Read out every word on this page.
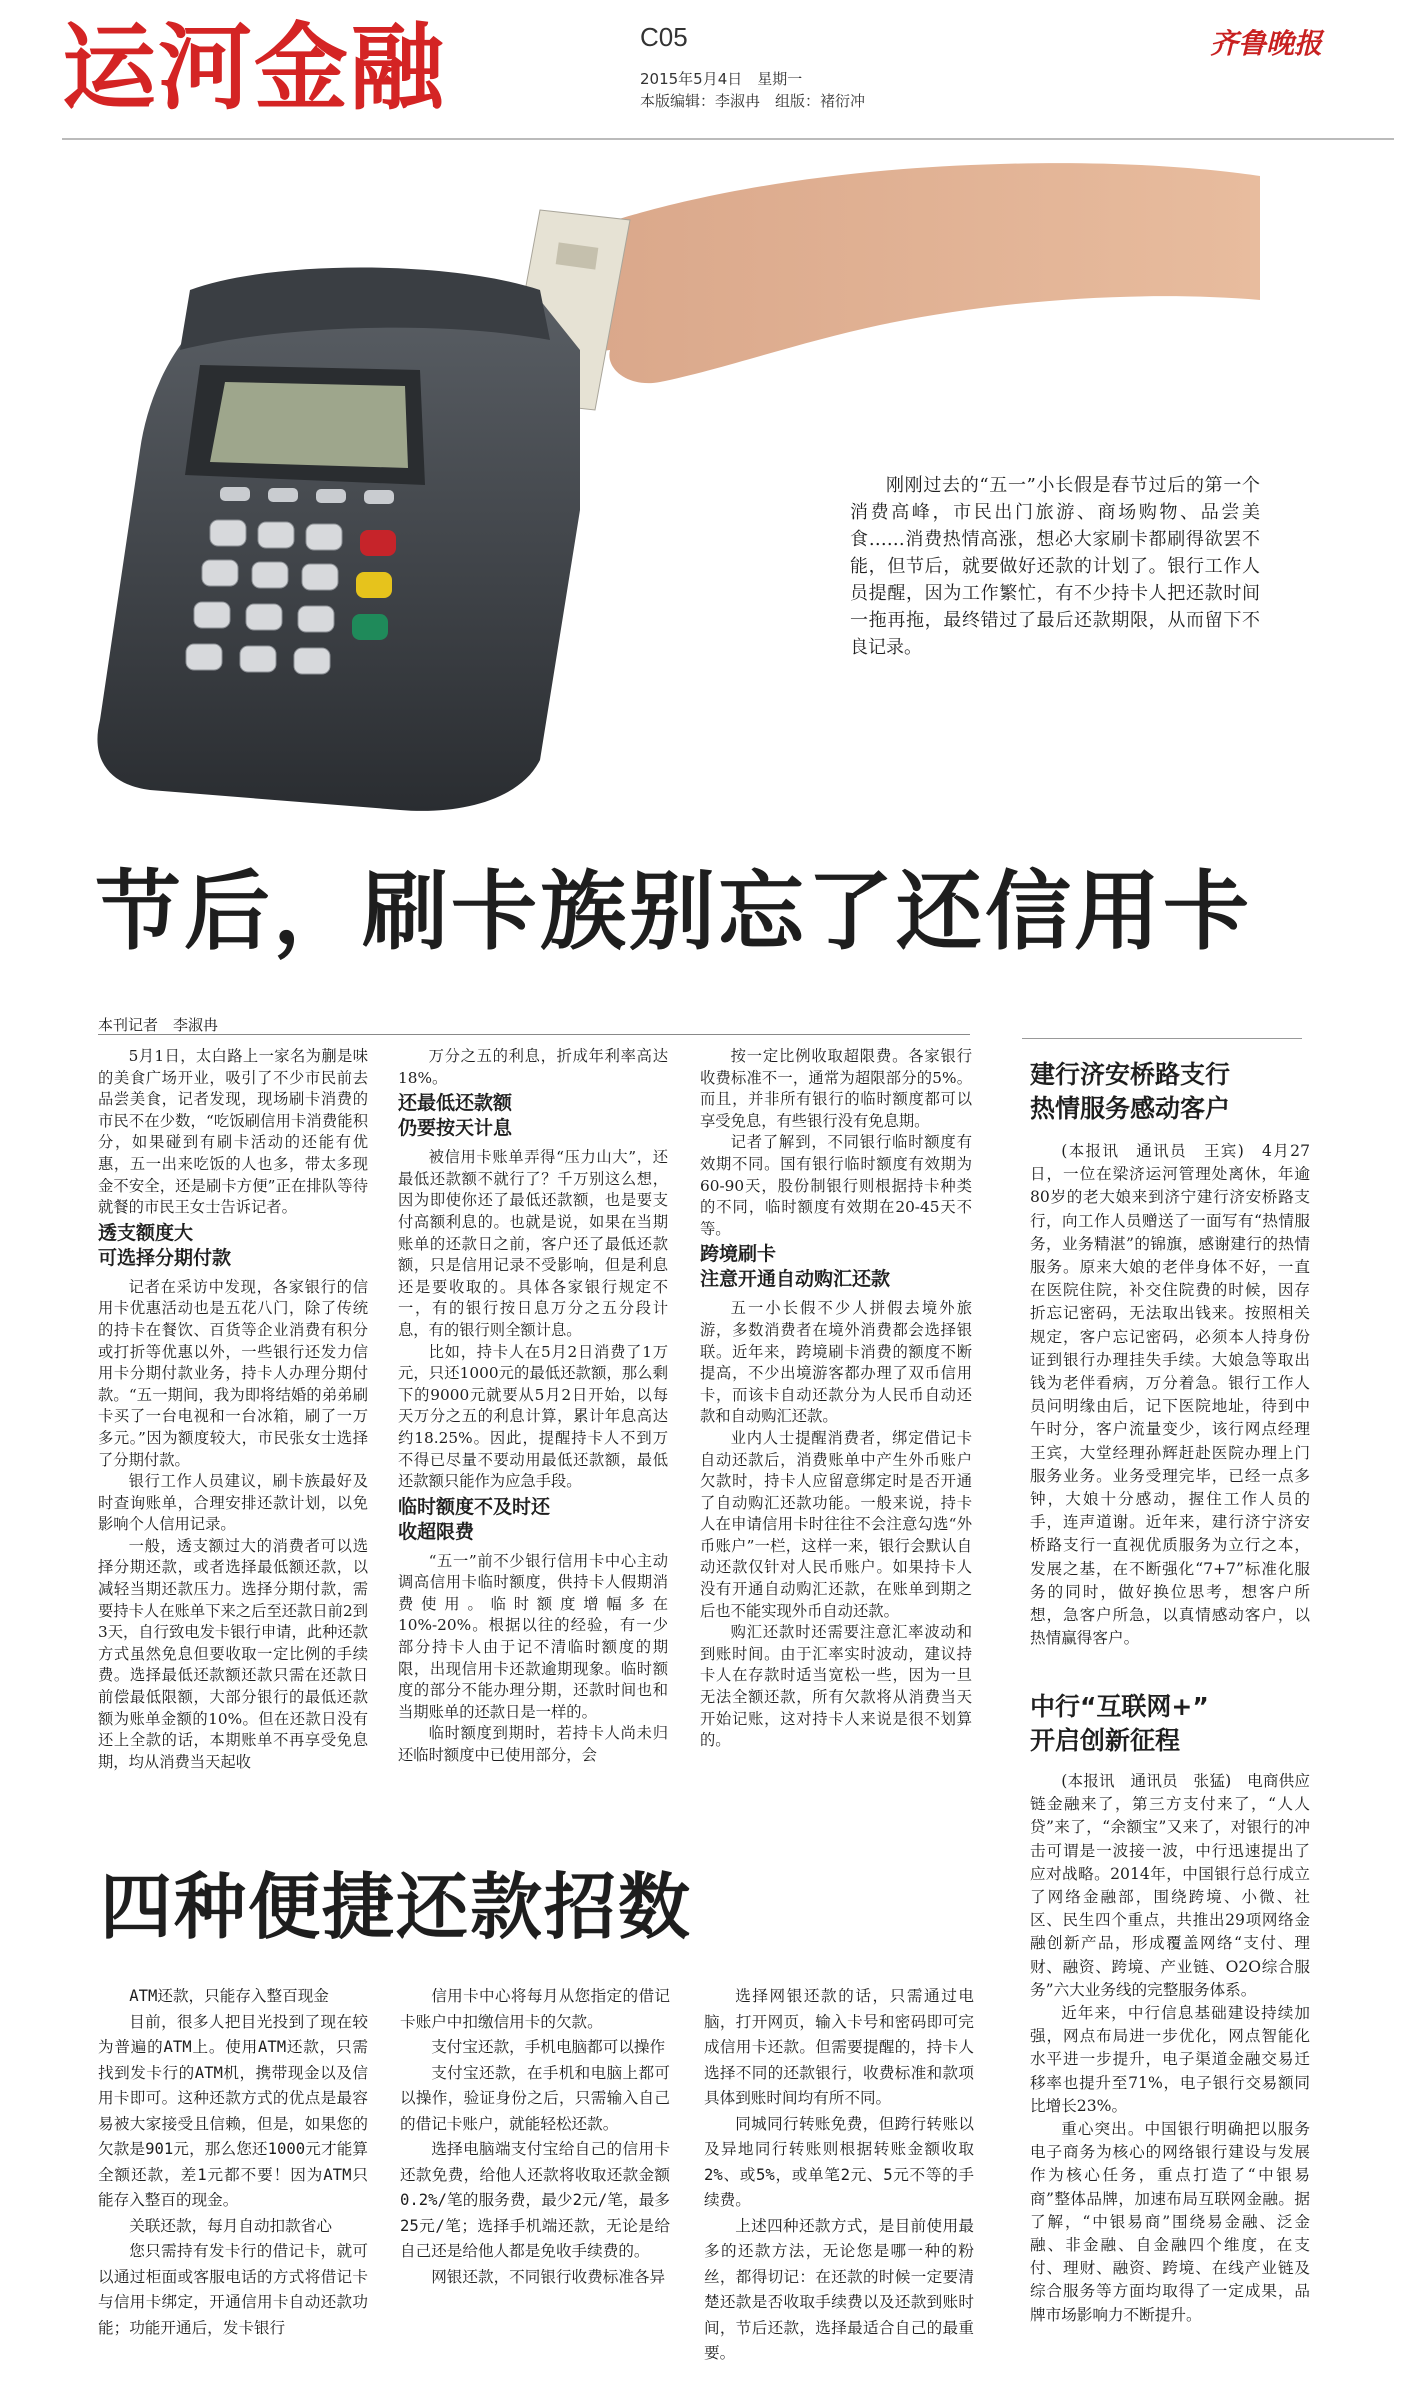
运河金融	C05
2015年5月4日　星期一
本版编辑：李淑冉　组版：褚衍冲
齐鲁晚报

刚刚过去的“五一”小长假是春节过后的第一个消费高峰，市民出门旅游、商场购物、品尝美食……消费热情高涨，想必大家刷卡都刷得欲罢不能，但节后，就要做好还款的计划了。银行工作人员提醒，因为工作繁忙，有不少持卡人把还款时间一拖再拖，最终错过了最后还款期限，从而留下不良记录。

节后，刷卡族别忘了还信用卡
本刊记者　李淑冉

5月1日，太白路上一家名为蒯是味的美食广场开业，吸引了不少市民前去品尝美食，记者发现，现场刷卡消费的市民不在少数，“吃饭刷信用卡消费能积分，如果碰到有刷卡活动的还能有优惠，五一出来吃饭的人也多，带太多现金不安全，还是刷卡方便”正在排队等待就餐的市民王女士告诉记者。

透支额度大
可选择分期付款

记者在采访中发现，各家银行的信用卡优惠活动也是五花八门，除了传统的持卡在餐饮、百货等企业消费有积分或打折等优惠以外，一些银行还发力信用卡分期付款业务，持卡人办理分期付款。“五一期间，我为即将结婚的弟弟刷卡买了一台电视和一台冰箱，刷了一万多元。”因为额度较大，市民张女士选择了分期付款。

银行工作人员建议，刷卡族最好及时查询账单，合理安排还款计划，以免影响个人信用记录。

一般，透支额过大的消费者可以选择分期还款，或者选择最低额还款，以减轻当期还款压力。选择分期付款，需要持卡人在账单下来之后至还款日前2到3天，自行致电发卡银行申请，此种还款方式虽然免息但要收取一定比例的手续费。选择最低还款额还款只需在还款日前偿最低限额，大部分银行的最低还款额为账单金额的10%。但在还款日没有还上全款的话，本期账单不再享受免息期，均从消费当天起收

万分之五的利息，折成年利率高达18%。

还最低还款额
仍要按天计息

被信用卡账单弄得“压力山大”，还最低还款额不就行了？千万别这么想，因为即使你还了最低还款额，也是要支付高额利息的。也就是说，如果在当期账单的还款日之前，客户还了最低还款额，只是信用记录不受影响，但是利息还是要收取的。具体各家银行规定不一，有的银行按日息万分之五分段计息，有的银行则全额计息。

比如，持卡人在5月2日消费了1万元，只还1000元的最低还款额，那么剩下的9000元就要从5月2日开始，以每天万分之五的利息计算，累计年息高达约18.25%。因此，提醒持卡人不到万不得已尽量不要动用最低还款额，最低还款额只能作为应急手段。

临时额度不及时还
收超限费

“五一”前不少银行信用卡中心主动调高信用卡临时额度，供持卡人假期消费使用。临时额度增幅多在10%-20%。根据以往的经验，有一少部分持卡人由于记不清临时额度的期限，出现信用卡还款逾期现象。临时额度的部分不能办理分期，还款时间也和当期账单的还款日是一样的。

临时额度到期时，若持卡人尚未归还临时额度中已使用部分，会

按一定比例收取超限费。各家银行收费标准不一，通常为超限部分的5%。而且，并非所有银行的临时额度都可以享受免息，有些银行没有免息期。

记者了解到，不同银行临时额度有效期不同。国有银行临时额度有效期为60-90天，股份制银行则根据持卡种类的不同，临时额度有效期在20-45天不等。

跨境刷卡
注意开通自动购汇还款

五一小长假不少人拼假去境外旅游，多数消费者在境外消费都会选择银联。近年来，跨境刷卡消费的额度不断提高，不少出境游客都办理了双币信用卡，而该卡自动还款分为人民币自动还款和自动购汇还款。

业内人士提醒消费者，绑定借记卡自动还款后，消费账单中产生外币账户欠款时，持卡人应留意绑定时是否开通了自动购汇还款功能。一般来说，持卡人在申请信用卡时往往不会注意勾选“外币账户”一栏，这样一来，银行会默认自动还款仅针对人民币账户。如果持卡人没有开通自动购汇还款，在账单到期之后也不能实现外币自动还款。

购汇还款时还需要注意汇率波动和到账时间。由于汇率实时波动，建议持卡人在存款时适当宽松一些，因为一旦无法全额还款，所有欠款将从消费当天开始记账，这对持卡人来说是很不划算的。

建行济安桥路支行
热情服务感动客户

(本报讯　通讯员　王宾)　4月27日，一位在梁济运河管理处离休，年逾80岁的老大娘来到济宁建行济安桥路支行，向工作人员赠送了一面写有“热情服务，业务精湛”的锦旗，感谢建行的热情服务。原来大娘的老伴身体不好，一直在医院住院，补交住院费的时候，因存折忘记密码，无法取出钱来。按照相关规定，客户忘记密码，必须本人持身份证到银行办理挂失手续。大娘急等取出钱为老伴看病，万分着急。银行工作人员问明缘由后，记下医院地址，待到中午时分，客户流量变少，该行网点经理王宾，大堂经理孙辉赶赴医院办理上门服务业务。业务受理完毕，已经一点多钟，大娘十分感动，握住工作人员的手，连声道谢。近年来，建行济宁济安桥路支行一直视优质服务为立行之本，发展之基，在不断强化“7+7”标准化服务的同时，做好换位思考，想客户所想，急客户所急，以真情感动客户，以热情赢得客户。

中行“互联网+”
开启创新征程

(本报讯　通讯员　张猛)　电商供应链金融来了，第三方支付来了，“人人贷”来了，“余额宝”又来了，对银行的冲击可谓是一波接一波，中行迅速提出了应对战略。2014年，中国银行总行成立了网络金融部，围绕跨境、小微、社区、民生四个重点，共推出29项网络金融创新产品，形成覆盖网络“支付、理财、融资、跨境、产业链、O2O综合服务”六大业务线的完整服务体系。

近年来，中行信息基础建设持续加强，网点布局进一步优化，网点智能化水平进一步提升，电子渠道金融交易迁移率也提升至71%，电子银行交易额同比增长23%。

重心突出。中国银行明确把以服务电子商务为核心的网络银行建设与发展作为核心任务，重点打造了“中银易商”整体品牌，加速布局互联网金融。据了解，“中银易商”围绕易金融、泛金融、非金融、自金融四个维度，在支付、理财、融资、跨境、在线产业链及综合服务等方面均取得了一定成果，品牌市场影响力不断提升。

四种便捷还款招数

ATM还款，只能存入整百现金

目前，很多人把目光投到了现在较为普遍的ATM上。使用ATM还款，只需找到发卡行的ATM机，携带现金以及信用卡即可。这种还款方式的优点是最容易被大家接受且信赖，但是，如果您的欠款是901元，那么您还1000元才能算全额还款，差1元都不要！因为ATM只能存入整百的现金。

关联还款，每月自动扣款省心

您只需持有发卡行的借记卡，就可以通过柜面或客服电话的方式将借记卡与信用卡绑定，开通信用卡自动还款功能；功能开通后，发卡银行

信用卡中心将每月从您指定的借记卡账户中扣缴信用卡的欠款。

支付宝还款，手机电脑都可以操作

支付宝还款，在手机和电脑上都可以操作，验证身份之后，只需输入自己的借记卡账户，就能轻松还款。

选择电脑端支付宝给自己的信用卡还款免费，给他人还款将收取还款金额0.2%/笔的服务费，最少2元/笔，最多25元/笔；选择手机端还款，无论是给自己还是给他人都是免收手续费的。

网银还款，不同银行收费标准各异

选择网银还款的话，只需通过电脑，打开网页，输入卡号和密码即可完成信用卡还款。但需要提醒的，持卡人选择不同的还款银行，收费标准和款项具体到账时间均有所不同。

同城同行转账免费，但跨行转账以及异地同行转账则根据转账金额收取2%、或5%，或单笔2元、5元不等的手续费。

上述四种还款方式，是目前使用最多的还款方法，无论您是哪一种的粉丝，都得切记：在还款的时候一定要清楚还款是否收取手续费以及还款到账时间，节后还款，选择最适合自己的最重要。
